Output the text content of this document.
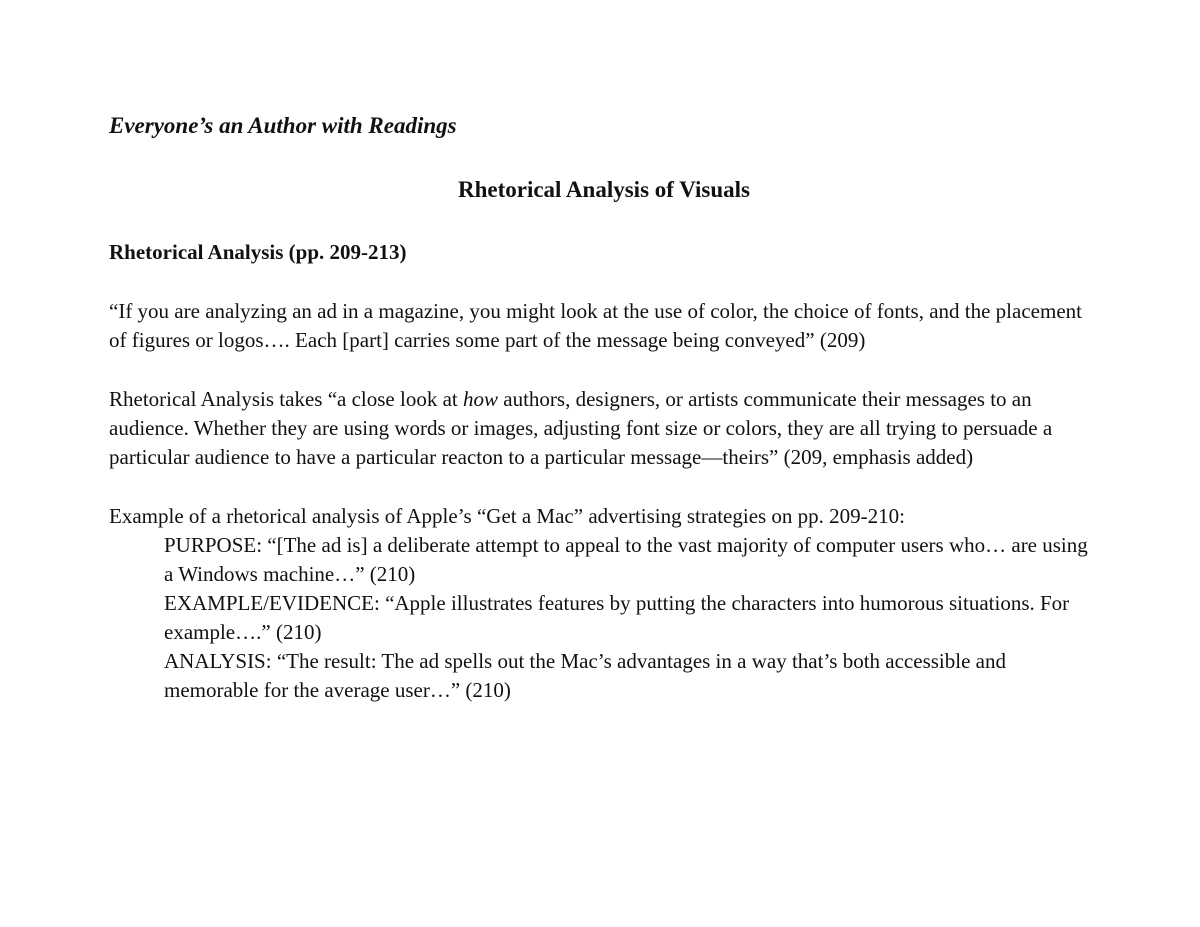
Everyone’s an Author with Readings

Rhetorical Analysis of Visuals

Rhetorical Analysis (pp. 209-213)

“If you are analyzing an ad in a magazine, you might look at the use of color, the choice of fonts, and the placement of figures or logos…. Each [part] carries some part of the message being conveyed” (209)

Rhetorical Analysis takes “a close look at how authors, designers, or artists communicate their messages to an audience. Whether they are using words or images, adjusting font size or colors, they are all trying to persuade a particular audience to have a particular reacton to a particular message—theirs” (209, emphasis added)

Example of a rhetorical analysis of Apple’s “Get a Mac” advertising strategies on pp. 209-210:
PURPOSE: “[The ad is] a deliberate attempt to appeal to the vast majority of computer users who… are using a Windows machine…” (210)
EXAMPLE/EVIDENCE: “Apple illustrates features by putting the characters into humorous situations. For example….” (210)
ANALYSIS: “The result: The ad spells out the Mac’s advantages in a way that’s both accessible and memorable for the average user…” (210)
